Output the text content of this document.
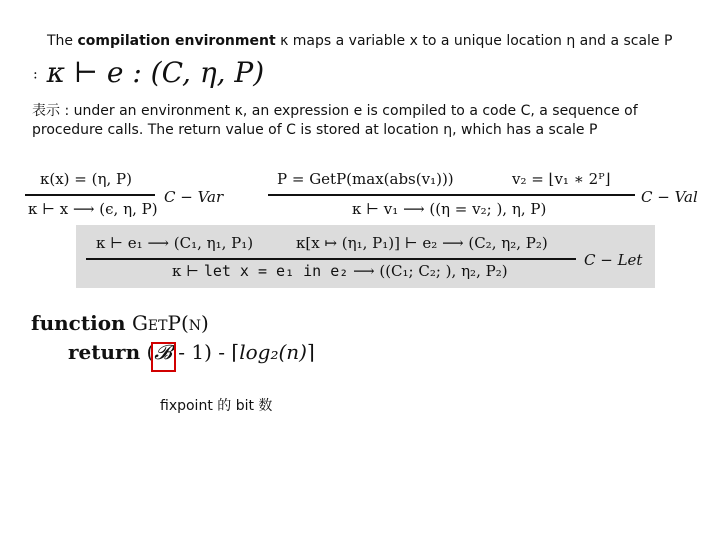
The compilation environment κ maps a variable x to a unique location η and a scale P
: κ ⊢ e : (C, η, P)
表示 : under an environment κ, an expression e is compiled to a code C, a sequence of
procedure calls. The return value of C is stored at location η, which has a scale P
κ(x) = (η, P)
κ ⊢ x ⟶ (ϵ, η, P)
C − Var
P = GetP(max(abs(v₁)))	v₂ = ⌊v₁ ∗ 2ᴾ⌋
κ ⊢ v₁ ⟶ ((η = v₂; ), η, P)
C − Val
κ ⊢ e₁ ⟶ (C₁, η₁, P₁)	κ[x ↦ (η₁, P₁)] ⊢ e₂ ⟶ (C₂, η₂, P₂)
κ ⊢ let x = e₁ in e₂ ⟶ ((C₁; C₂; ), η₂, P₂)
C − Let
function GetP(n)
return (𝓑 - 1) - ⌈log₂(n)⌉
fixpoint 的 bit 数
